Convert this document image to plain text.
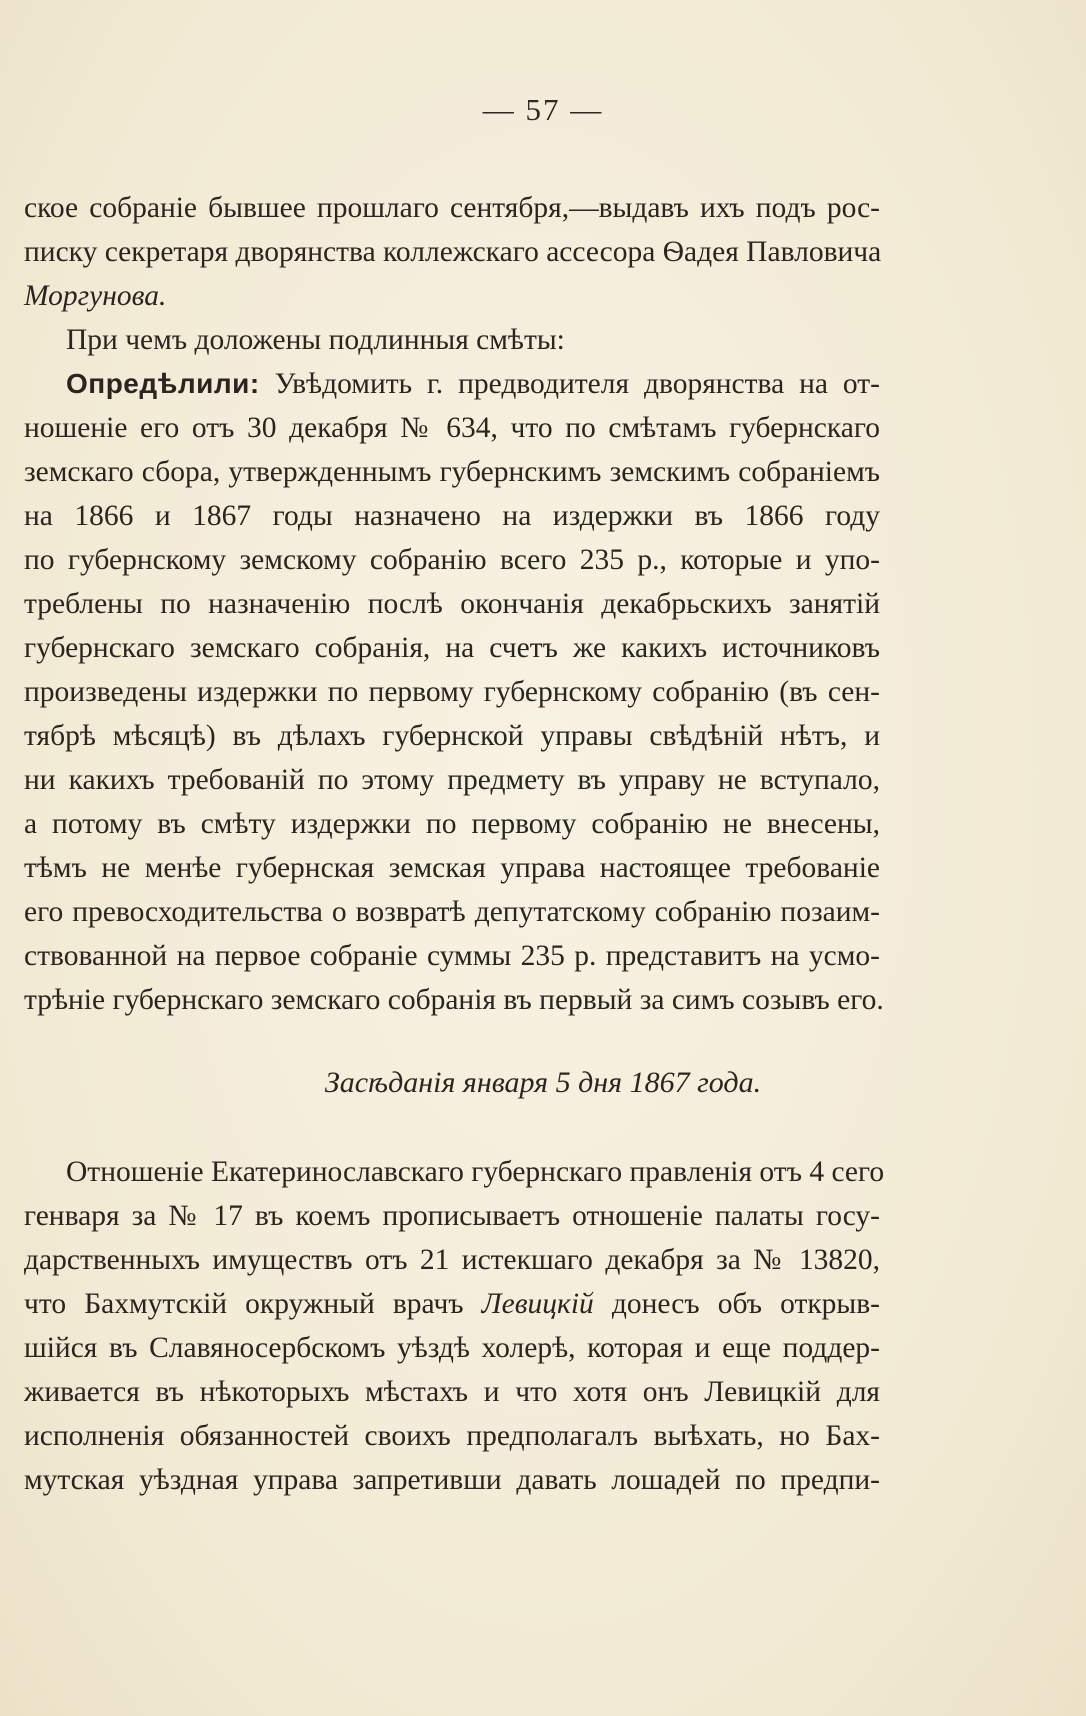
— 57 —
ское собраніе бывшее прошлаго сентября,—выдавъ ихъ подъ рос-
писку секретаря дворянства коллежскаго ассесора Ѳадея Павловича
Моргунова.
При чемъ доложены подлинныя смѣты:
Опредѣлили: Увѣдомить г. предводителя дворянства на от-
ношеніе его отъ 30 декабря № 634, что по смѣтамъ губернскаго
земскаго сбора, утвержденнымъ губернскимъ земскимъ собраніемъ
на 1866 и 1867 годы назначено на издержки въ 1866 году
по губернскому земскому собранію всего 235 р., которые и упо-
треблены по назначенію послѣ окончанія декабрьскихъ занятій
губернскаго земскаго собранія, на счетъ же какихъ источниковъ
произведены издержки по первому губернскому собранію (въ сен-
тябрѣ мѣсяцѣ) въ дѣлахъ губернской управы свѣдѣній нѣтъ, и
ни какихъ требованій по этому предмету въ управу не вступало,
а потому въ смѣту издержки по первому собранію не внесены,
тѣмъ не менѣе губернская земская управа настоящее требованіе
его превосходительства о возвратѣ депутатскому собранію позаим-
ствованной на первое собраніе суммы 235 р. представитъ на усмо-
трѣніе губернскаго земскаго собранія въ первый за симъ созывъ его.
Засѣданія января 5 дня 1867 года.
Отношеніе Екатеринославскаго губернскаго правленія отъ 4 сего
генваря за № 17 въ коемъ прописываетъ отношеніе палаты госу-
дарственныхъ имуществъ отъ 21 истекшаго декабря за № 13820,
что Бахмутскій окружный врачъ Левицкій донесъ объ открыв-
шійся въ Славяносербскомъ уѣздѣ холерѣ, которая и еще поддер-
живается въ нѣкоторыхъ мѣстахъ и что хотя онъ Левицкій для
исполненія обязанностей своихъ предполагалъ выѣхать, но Бах-
мутская уѣздная управа запретивши давать лошадей по предпи-
